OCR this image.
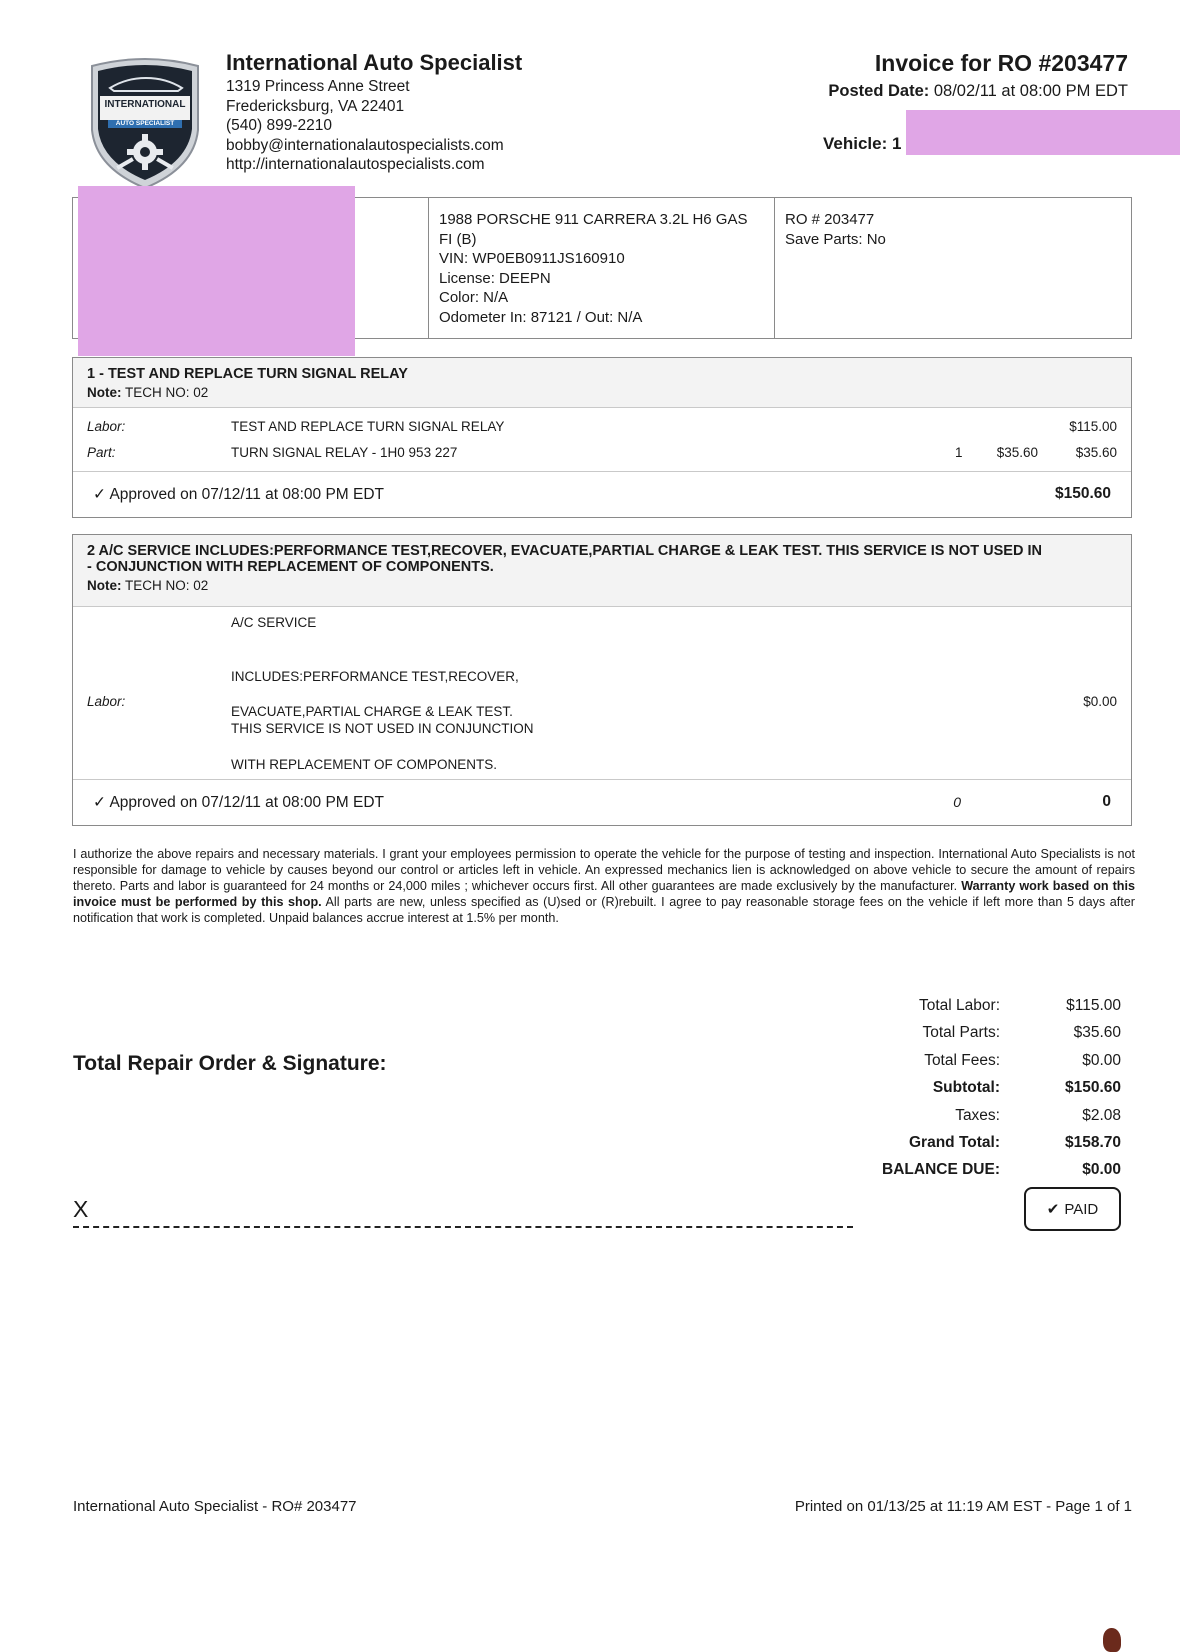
INTERNATIONAL
AUTO SPECIALIST
International Auto Specialist
1319 Princess Anne Street
Fredericksburg, VA 22401
(540) 899-2210
bobby@internationalautospecialists.com
http://internationalautospecialists.com
Invoice for RO #203477
Posted Date: 08/02/11 at 08:00 PM EDT
Vehicle: 1
1988 PORSCHE 911 CARRERA 3.2L H6 GAS FI (B)
VIN: WP0EB0911JS160910
License: DEEPN
Color: N/A
Odometer In: 87121 / Out: N/A
RO # 203477
Save Parts: No
1 - TEST AND REPLACE TURN SIGNAL RELAY
Note: TECH NO: 02
Labor:	TEST AND REPLACE TURN SIGNAL RELAY	$115.00
Part:	TURN SIGNAL RELAY - 1H0 953 227	1	$35.60	$35.60
✓ Approved on 07/12/11 at 08:00 PM EDT	$150.60
2 A/C SERVICE INCLUDES:PERFORMANCE TEST,RECOVER, EVACUATE,PARTIAL CHARGE & LEAK TEST. THIS SERVICE IS NOT USED IN
- CONJUNCTION WITH REPLACEMENT OF COMPONENTS.
Note: TECH NO: 02
A/C SERVICE
INCLUDES:PERFORMANCE TEST,RECOVER,
Labor:	$0.00
EVACUATE,PARTIAL CHARGE & LEAK TEST.
THIS SERVICE IS NOT USED IN CONJUNCTION
WITH REPLACEMENT OF COMPONENTS.
✓ Approved on 07/12/11 at 08:00 PM EDT	0	0
I authorize the above repairs and necessary materials. I grant your employees permission to operate the vehicle for the purpose of testing and inspection. International Auto Specialists is not responsible for damage to vehicle by causes beyond our control or articles left in vehicle. An expressed mechanics lien is acknowledged on above vehicle to secure the amount of repairs thereto. Parts and labor is guaranteed for 24 months or 24,000 miles ; whichever occurs first. All other guarantees are made exclusively by the manufacturer. Warranty work based on this invoice must be performed by this shop. All parts are new, unless specified as (U)sed or (R)rebuilt. I agree to pay reasonable storage fees on the vehicle if left more than 5 days after notification that work is completed. Unpaid balances accrue interest at 1.5% per month.
Total Repair Order & Signature:
Total Labor:	$115.00
Total Parts:	$35.60
Total Fees:	$0.00
Subtotal:	$150.60
Taxes:	$2.08
Grand Total:	$158.70
BALANCE DUE:	$0.00
✔ PAID
X
International Auto Specialist - RO# 203477	Printed on 01/13/25 at 11:19 AM EST - Page 1 of 1
